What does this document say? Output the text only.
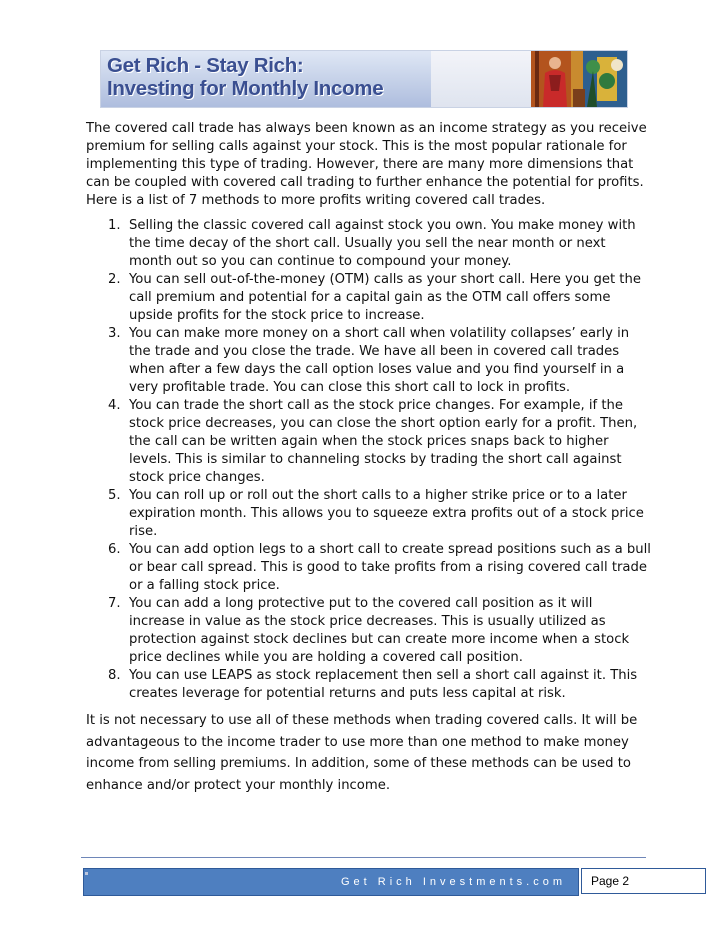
Get Rich - Stay Rich:
Investing for Monthly Income

The covered call trade has always been known as an income strategy as you receive premium for selling calls against your stock. This is the most popular rationale for implementing this type of trading. However, there are many more dimensions that can be coupled with covered call trading to further enhance the potential for profits. Here is a list of 7 methods to more profits writing covered call trades.

1. Selling the classic covered call against stock you own. You make money with the time decay of the short call. Usually you sell the near month or next month out so you can continue to compound your money.
2. You can sell out-of-the-money (OTM) calls as your short call. Here you get the call premium and potential for a capital gain as the OTM call offers some upside profits for the stock price to increase.
3. You can make more money on a short call when volatility collapses’ early in the trade and you close the trade. We have all been in covered call trades when after a few days the call option loses value and you find yourself in a very profitable trade. You can close this short call to lock in profits.
4. You can trade the short call as the stock price changes. For example, if the stock price decreases, you can close the short option early for a profit. Then, the call can be written again when the stock prices snaps back to higher levels. This is similar to channeling stocks by trading the short call against stock price changes.
5. You can roll up or roll out the short calls to a higher strike price or to a later expiration month. This allows you to squeeze extra profits out of a stock price rise.
6. You can add option legs to a short call to create spread positions such as a bull or bear call spread. This is good to take profits from a rising covered call trade or a falling stock price.
7. You can add a long protective put to the covered call position as it will increase in value as the stock price decreases. This is usually utilized as protection against stock declines but can create more income when a stock price declines while you are holding a covered call position.
8. You can use LEAPS as stock replacement then sell a short call against it. This creates leverage for potential returns and puts less capital at risk.

It is not necessary to use all of these methods when trading covered calls. It will be advantageous to the income trader to use more than one method to make money income from selling premiums. In addition, some of these methods can be used to enhance and/or protect your monthly income.

Get Rich Investments.com	Page 2
